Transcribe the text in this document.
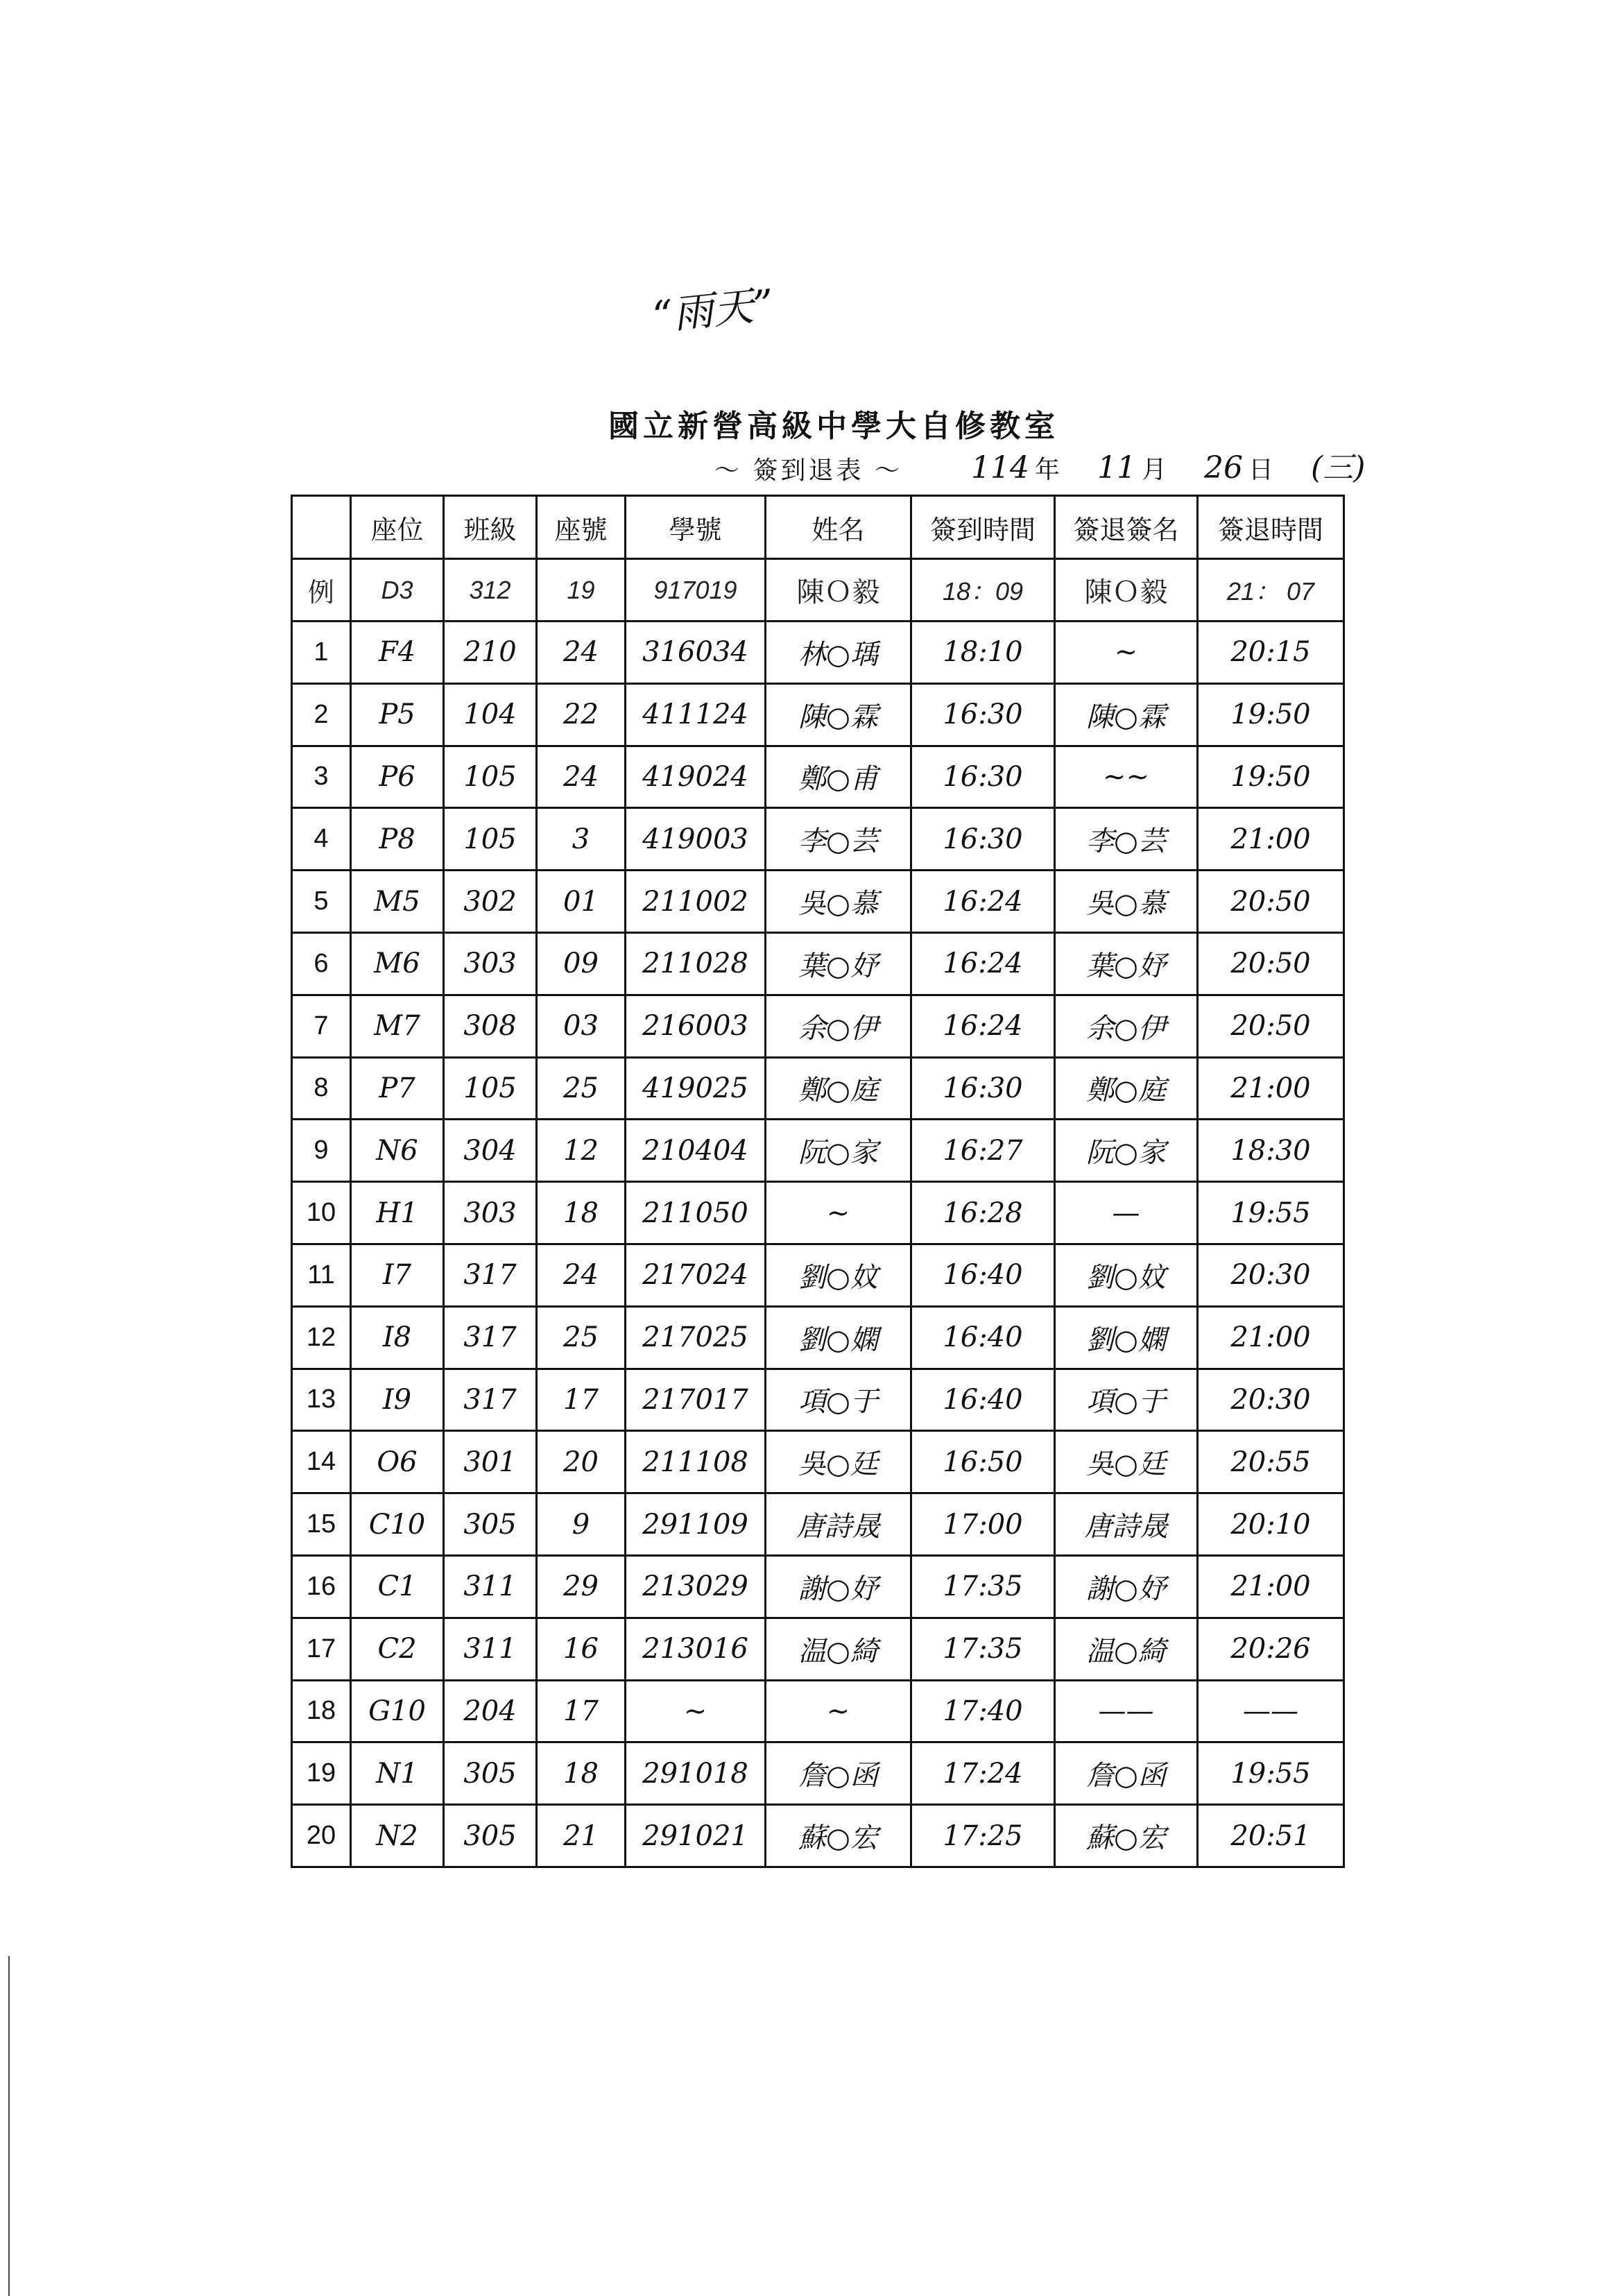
“雨天”
國立新營高級中學大自修教室
～ 簽到退表 ～ 114 年 11 月 26 日 (三)
	座位	班級	座號	學號	姓名	簽到時間	簽退簽名	簽退時間
例	D3	312	19	917019	陳Ｏ毅	18：09	陳Ｏ毅	21： 07
1	F4	210	24	316034	林○瑀	18:10	∼	20:15
2	P5	104	22	411124	陳○霖	16:30	陳○霖	19:50
3	P6	105	24	419024	鄭○甫	16:30	∼∼	19:50
4	P8	105	3	419003	李○芸	16:30	李○芸	21:00
5	M5	302	01	211002	吳○慕	16:24	吳○慕	20:50
6	M6	303	09	211028	葉○妤	16:24	葉○妤	20:50
7	M7	308	03	216003	余○伊	16:24	余○伊	20:50
8	P7	105	25	419025	鄭○庭	16:30	鄭○庭	21:00
9	N6	304	12	210404	阮○家	16:27	阮○家	18:30
10	H1	303	18	211050	∼	16:28	—	19:55
11	I7	317	24	217024	劉○妏	16:40	劉○妏	20:30
12	I8	317	25	217025	劉○嫻	16:40	劉○嫻	21:00
13	I9	317	17	217017	項○于	16:40	項○于	20:30
14	O6	301	20	211108	吳○廷	16:50	吳○廷	20:55
15	C10	305	9	291109	唐詩晟	17:00	唐詩晟	20:10
16	C1	311	29	213029	謝○妤	17:35	謝○妤	21:00
17	C2	311	16	213016	温○綺	17:35	温○綺	20:26
18	G10	204	17	∼	∼	17:40	——	——
19	N1	305	18	291018	詹○函	17:24	詹○函	19:55
20	N2	305	21	291021	蘇○宏	17:25	蘇○宏	20:51
